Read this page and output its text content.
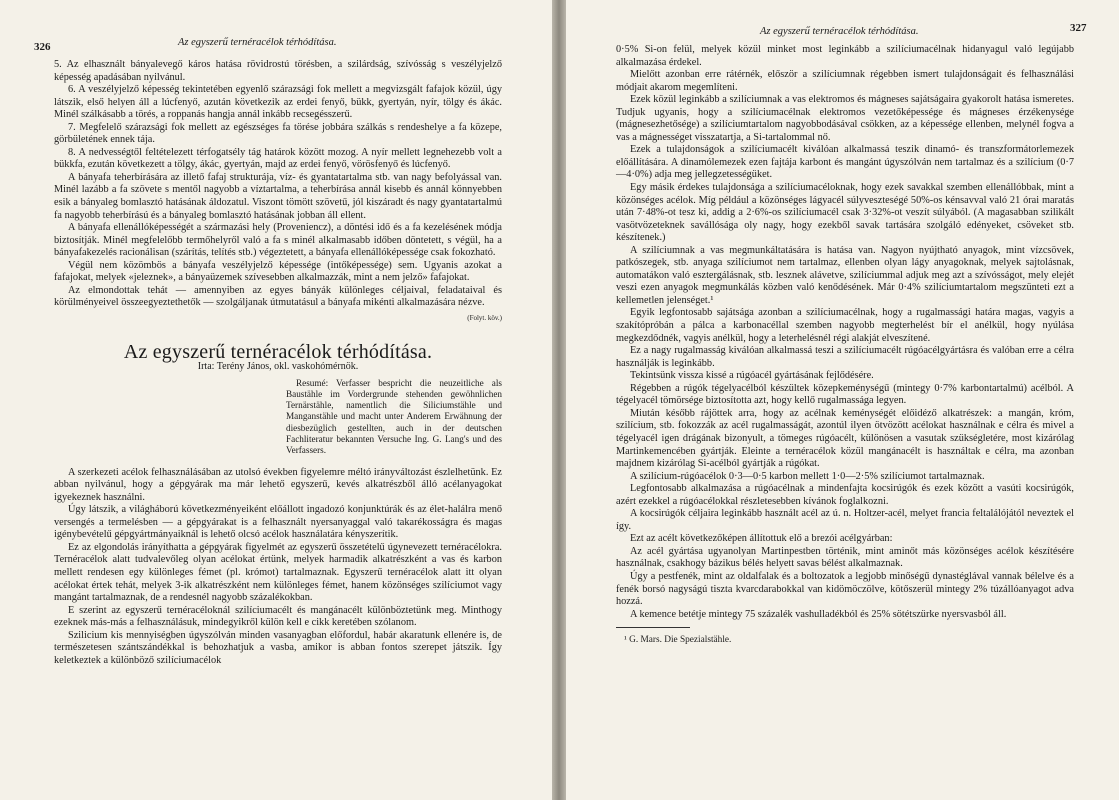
326	Az egyszerű ternéracélok térhódítása.

5. Az elhasznált bányalevegő káros hatása rövidrostú törésben, a szilárdság, szívósság s veszélyjelző képesség apadásában nyilvánul.

6. A veszélyjelző képesség tekintetében egyenlő szárazsági fok mellett a megvizsgált fafajok közül, úgy látszik, első helyen áll a lúcfenyő, azután következik az erdei fenyő, bükk, gyertyán, nyír, tölgy és ákác. Minél szálkásabb a törés, a roppanás hangja annál inkább recsegésszerű.

7. Megfelelő szárazsági fok mellett az egészséges fa törése jobbára szálkás s rendeshelye a fa közepe, görbületének ennek tája.

8. A nedvességtől feltételezett térfogatsély tág határok között mozog. A nyír mellett legnehezebb volt a bükkfa, ezután következett a tölgy, ákác, gyertyán, majd az erdei fenyő, vörösfenyő és lúcfenyő.

A bányafa teherbírására az illető fafaj strukturája, víz- és gyantatartalma stb. van nagy befolyással van. Minél lazább a fa szövete s mentől nagyobb a víztartalma, a teherbírása annál kisebb és annál könnyebben esik a bányaleg bomlasztó hatásának áldozatul. Viszont tömött szövetű, jól kiszáradt és nagy gyantatartalmú fa nagyobb teherbírású és a bányaleg bomlasztó hatásának jobban áll ellent.

A bányafa ellenállóképességét a származási hely (Proveniencz), a döntési idő és a fa kezelésének módja biztosítják. Minél megfelelőbb termőhelyről való a fa s minél alkalmasabb időben döntetett, s végül, ha a bányafakezelés racionálisan (szárítás, telítés stb.) végeztetett, a bányafa ellenállóképessége csak fokozható.

Végül nem közömbös a bányafa veszélyjelző képessége (intőképessége) sem. Ugyanis azokat a fafajokat, melyek «jeleznek», a bányaüzemek szívesebben alkalmazzák, mint a nem jelző» fafajokat.

Az elmondottak tehát — amennyiben az egyes bányák különleges céljaival, feladataival és körülményeivel összeegyeztethetők — szolgáljanak útmutatásul a bányafa mikénti alkalmazására nézve.

(Folyt. köv.)

Az egyszerű ternéracélok térhódítása.

Irta: Terény János, okl. vaskohómérnök.

Resumé: Verfasser bespricht die neuzeitliche als Baustähle im Vordergrunde stehenden gewöhnlichen Ternärstähle, namentlich die Siliciumstähle und Manganstähle und macht unter Anderem Erwähnung der diesbezüglich gestellten, auch in der deutschen Fachliteratur bekannten Versuche Ing. G. Lang's und des Verfassers.

A szerkezeti acélok felhasználásában az utolsó években figyelemre méltó irányváltozást észlelhetünk. Ez abban nyilvánul, hogy a gépgyárak ma már lehető egyszerű, kevés alkatrészből álló acélanyagokat igyekeznek használni.

Úgy látszik, a világháború következményeiként előállott ingadozó konjunktúrák és az élet-halálra menő versengés a termelésben — a gépgyárakat is a felhasznált nyersanyaggal való takarékosságra és magas igénybevételű gépgyártmányaiknál is lehető olcsó acélok használatára kényszerítik.

Ez az elgondolás irányíthatta a gépgyárak figyelmét az egyszerű összetételű úgynevezett ternéracélokra. Ternéracélok alatt tudvalevőleg olyan acélokat értünk, melyek harmadik alkatrészként a vas és karbon mellett rendesen egy különleges fémet (pl. krómot) tartalmaznak. Egyszerű ternéracélok alatt itt olyan acélokat értek tehát, melyek 3-ik alkatrészként nem különleges fémet, hanem közönséges szilíciumot vagy mangánt tartalmaznak, de a rendesnél nagyobb százalékokban.

E szerint az egyszerű ternéracéloknál szilíciumacélt és mangánacélt különböztetünk meg. Minthogy ezeknek más-más a felhasználásuk, mindegyikről külön kell e cikk keretében szólanom.

Szilicium kis mennyiségben úgyszólván minden vasanyagban előfordul, habár akaratunk ellenére is, de természetesen szántszándékkal is behozhatjuk a vasba, amikor is abban fontos szerepet játszik. Így keletkeztek a különböző szilíciumacélok

Az egyszerű ternéracélok térhódítása.	327

0·5% Si-on felül, melyek közül minket most leginkább a szilíciumacélnak hidanyagul való legújabb alkalmazása érdekel.

Mielőtt azonban erre rátérnék, először a szilíciumnak régebben ismert tulajdonságait és felhasználási módjait akarom megemlíteni.

Ezek közül leginkább a szilíciumnak a vas elektromos és mágneses sajátságaira gyakorolt hatása ismeretes. Tudjuk ugyanis, hogy a szilíciumacélnak elektromos vezetőképessége és mágneses érzékenysége (mágnesezhetősége) a szilíciumtartalom nagyobbodásával csökken, az a képessége ellenben, melynél fogva a vas a mágnességet visszatartja, a Si-tartalommal nő.

Ezek a tulajdonságok a szilíciumacélt kiválóan alkalmassá teszik dinamó- és transzformátorlemezek előállítására. A dinamólemezek ezen fajtája karbont és mangánt úgyszólván nem tartalmaz és a szilícium (0·7—4·0%) adja meg jellegzetességüket.

Egy másik érdekes tulajdonsága a szilíciumacéloknak, hogy ezek savakkal szemben ellenállóbbak, mint a közönséges acélok. Míg például a közönséges lágyacél súlyveszteségé 50%-os kénsavval való 21 órai maratás után 7·48%-ot tesz ki, addig a 2·6%-os szilíciumacél csak 3·32%-ot veszít súlyából. (A magasabban szilikált vasötvözeteknek savállósága oly nagy, hogy ezekből savak tartására szolgáló edényeket, csöveket stb. készítenek.)

A szilíciumnak a vas megmunkáltatására is hatása van. Nagyon nyújtható anyagok, mint vízcsövek, patkószegek, stb. anyaga szilíciumot nem tartalmaz, ellenben olyan lágy anyagoknak, melyek sajtolásnak, automatákon való esztergálásnak, stb. lesznek alávetve, szilíciummal adjuk meg azt a szívósságot, mely elejét veszi ezen anyagok megmunkálás közben való kenődésének. Már 0·4% szilíciumtartalom megszünteti ezt a kellemetlen jelenséget.¹

Egyik legfontosabb sajátsága azonban a szilíciumacélnak, hogy a rugalmassági határa magas, vagyis a szakítópróbán a pálca a karbonacéllal szemben nagyobb megterhelést bír el anélkül, hogy nyúlása megkezdődnék, vagyis anélkül, hogy a leterhelésnél régi alakját elveszítené.

Ez a nagy rugalmasság kiválóan alkalmassá teszi a szilíciumacélt rúgóacélgyártásra és valóban erre a célra használják is leginkább.

Tekintsünk vissza kissé a rúgóacél gyártásának fejlődésére.

Régebben a rúgók tégelyacélból készültek közepkeménységű (mintegy 0·7% karbontartalmú) acélból. A tégelyacél tömörsége biztosította azt, hogy kellő rugalmassága legyen.

Miután később rájöttek arra, hogy az acélnak keménységét előidéző alkatrészek: a mangán, króm, szilícium, stb. fokozzák az acél rugalmasságát, azontúl ilyen ötvözött acélokat használnak e célra és mivel a tégelyacél igen drágának bizonyult, a tömeges rúgóacélt, különösen a vasutak szükségletére, most kizárólag Martinkemencében gyártják. Eleinte a ternéracélok közül mangánacélt is használtak e célra, ma azonban majdnem kizárólag Si-acélból gyártják a rúgókat.

A szilícium-rúgóacélok 0·3—0·5 karbon mellett 1·0—2·5% szilíciumot tartalmaznak.

Legfontosabb alkalmazása a rúgóacélnak a mindenfajta kocsirúgók és ezek között a vasúti kocsirúgók, azért ezekkel a rúgóacélokkal részletesebben kívánok foglalkozni.

A kocsirúgók céljaira leginkább használt acél az ú. n. Holtzer-acél, melyet francia feltalálójától neveztek el így.

Ezt az acélt következőképen állítottuk elő a brezói acélgyárban:

Az acél gyártása ugyanolyan Martinpestben történik, mint aminőt más közönséges acélok készítésére használnak, csakhogy bázikus bélés helyett savas bélést alkalmaznak.

Úgy a pestfenék, mint az oldalfalak és a boltozatok a legjobb minőségű dynastéglával vannak bélelve és a fenék borsó nagyságú tiszta kvarcdarabokkal van kidömöczölve, kötőszerül mintegy 2% túzállóanyagot adva hozzá.

A kemence betétje mintegy 75 százalék vashulladékból és 25% sötétszürke nyersvasból áll.

¹ G. Mars. Die Spezialstähle.
